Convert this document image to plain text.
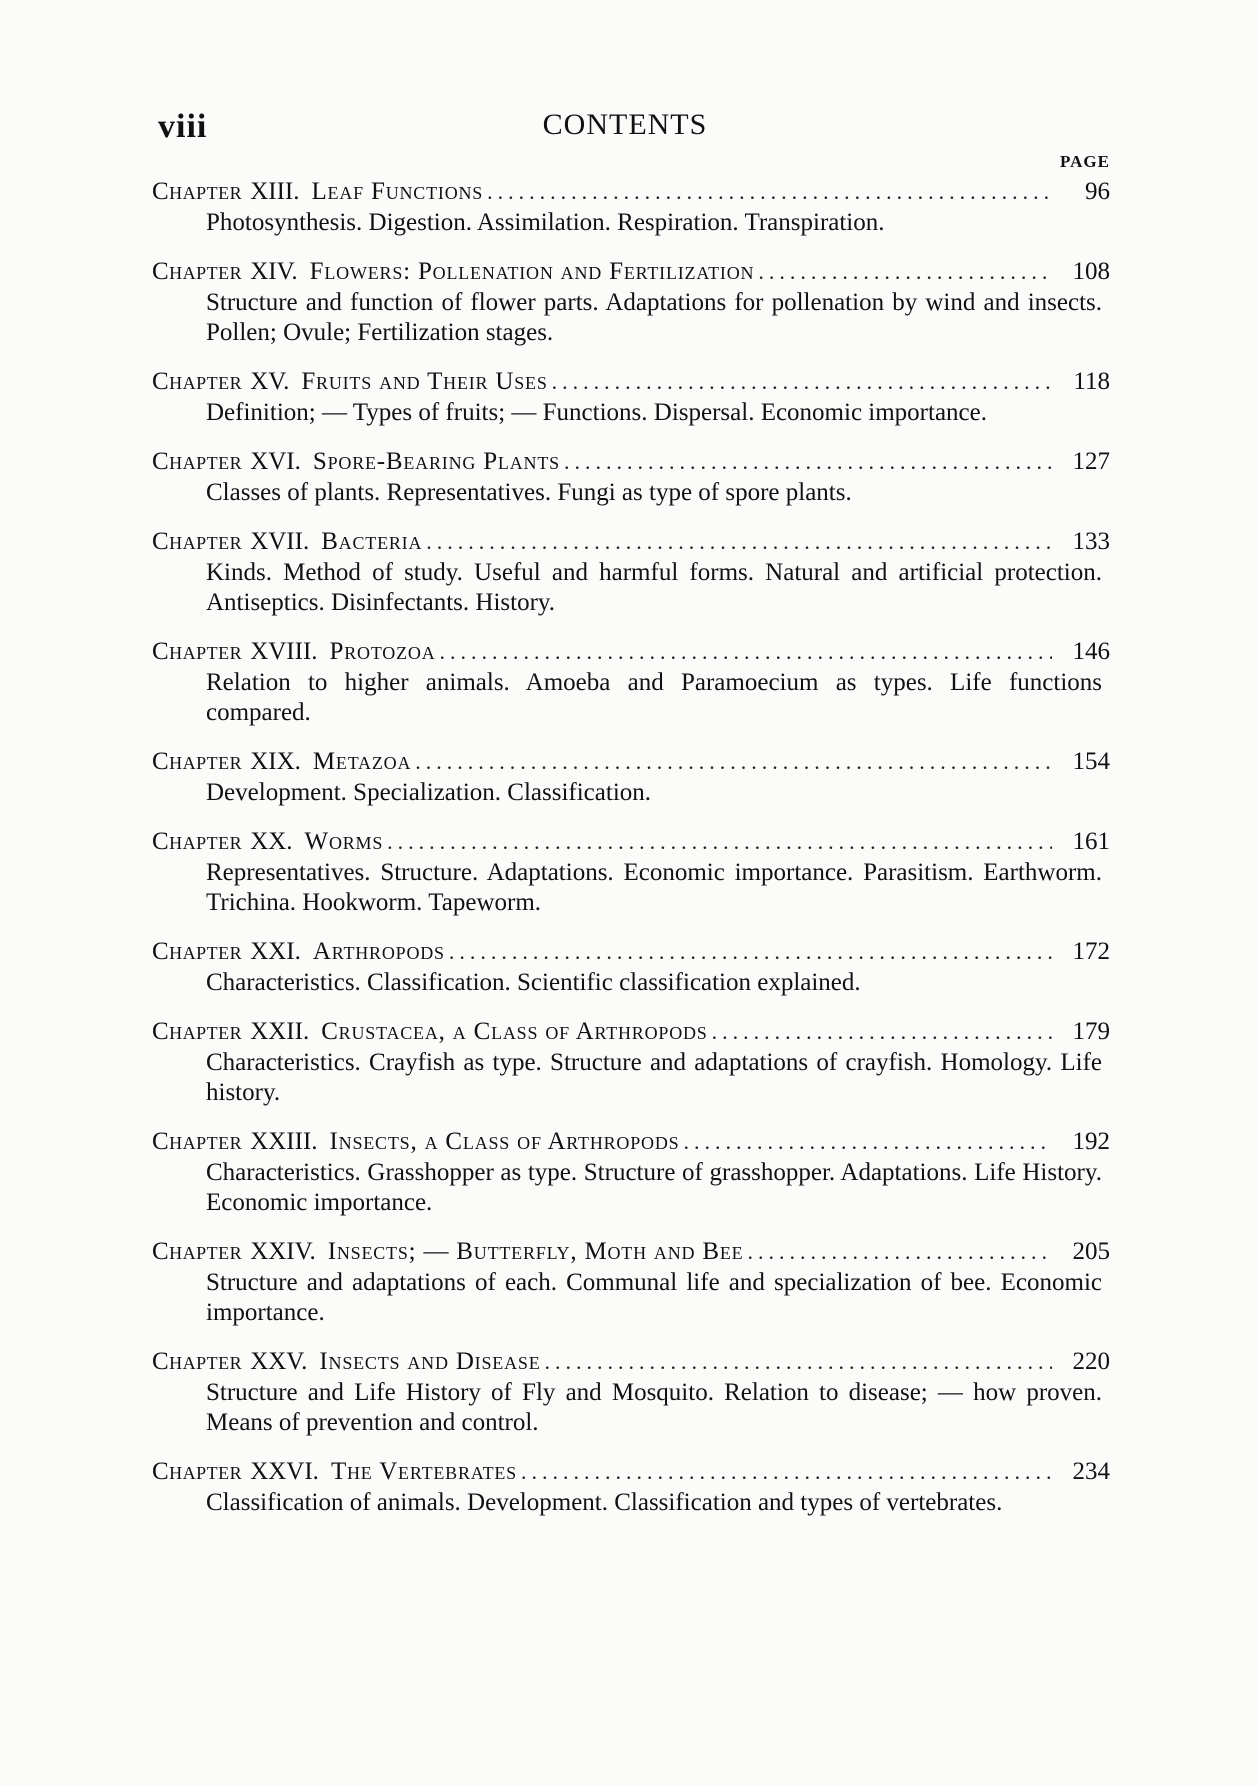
viii	CONTENTS
PAGE
Chapter XIII. Leaf Functions .....	96
Photosynthesis. Digestion. Assimilation. Respiration. Transpiration.
Chapter XIV. Flowers: Pollenation and Fertilization .....	108
Structure and function of flower parts. Adaptations for pollenation by wind and insects. Pollen; Ovule; Fertilization stages.
Chapter XV. Fruits and Their Uses .....	118
Definition; — Types of fruits; — Functions. Dispersal. Economic importance.
Chapter XVI. Spore-Bearing Plants .....	127
Classes of plants. Representatives. Fungi as type of spore plants.
Chapter XVII. Bacteria .....	133
Kinds. Method of study. Useful and harmful forms. Natural and artificial protection. Antiseptics. Disinfectants. History.
Chapter XVIII. Protozoa .....	146
Relation to higher animals. Amoeba and Paramoecium as types. Life functions compared.
Chapter XIX. Metazoa .....	154
Development. Specialization. Classification.
Chapter XX. Worms .....	161
Representatives. Structure. Adaptations. Economic importance. Parasitism. Earthworm. Trichina. Hookworm. Tapeworm.
Chapter XXI. Arthropods .....	172
Characteristics. Classification. Scientific classification explained.
Chapter XXII. Crustacea, a Class of Arthropods .....	179
Characteristics. Crayfish as type. Structure and adaptations of crayfish. Homology. Life history.
Chapter XXIII. Insects, a Class of Arthropods .....	192
Characteristics. Grasshopper as type. Structure of grasshopper. Adaptations. Life History. Economic importance.
Chapter XXIV. Insects; — Butterfly, Moth and Bee .....	205
Structure and adaptations of each. Communal life and specialization of bee. Economic importance.
Chapter XXV. Insects and Disease .....	220
Structure and Life History of Fly and Mosquito. Relation to disease; — how proven. Means of prevention and control.
Chapter XXVI. The Vertebrates .....	234
Classification of animals. Development. Classification and types of vertebrates.
